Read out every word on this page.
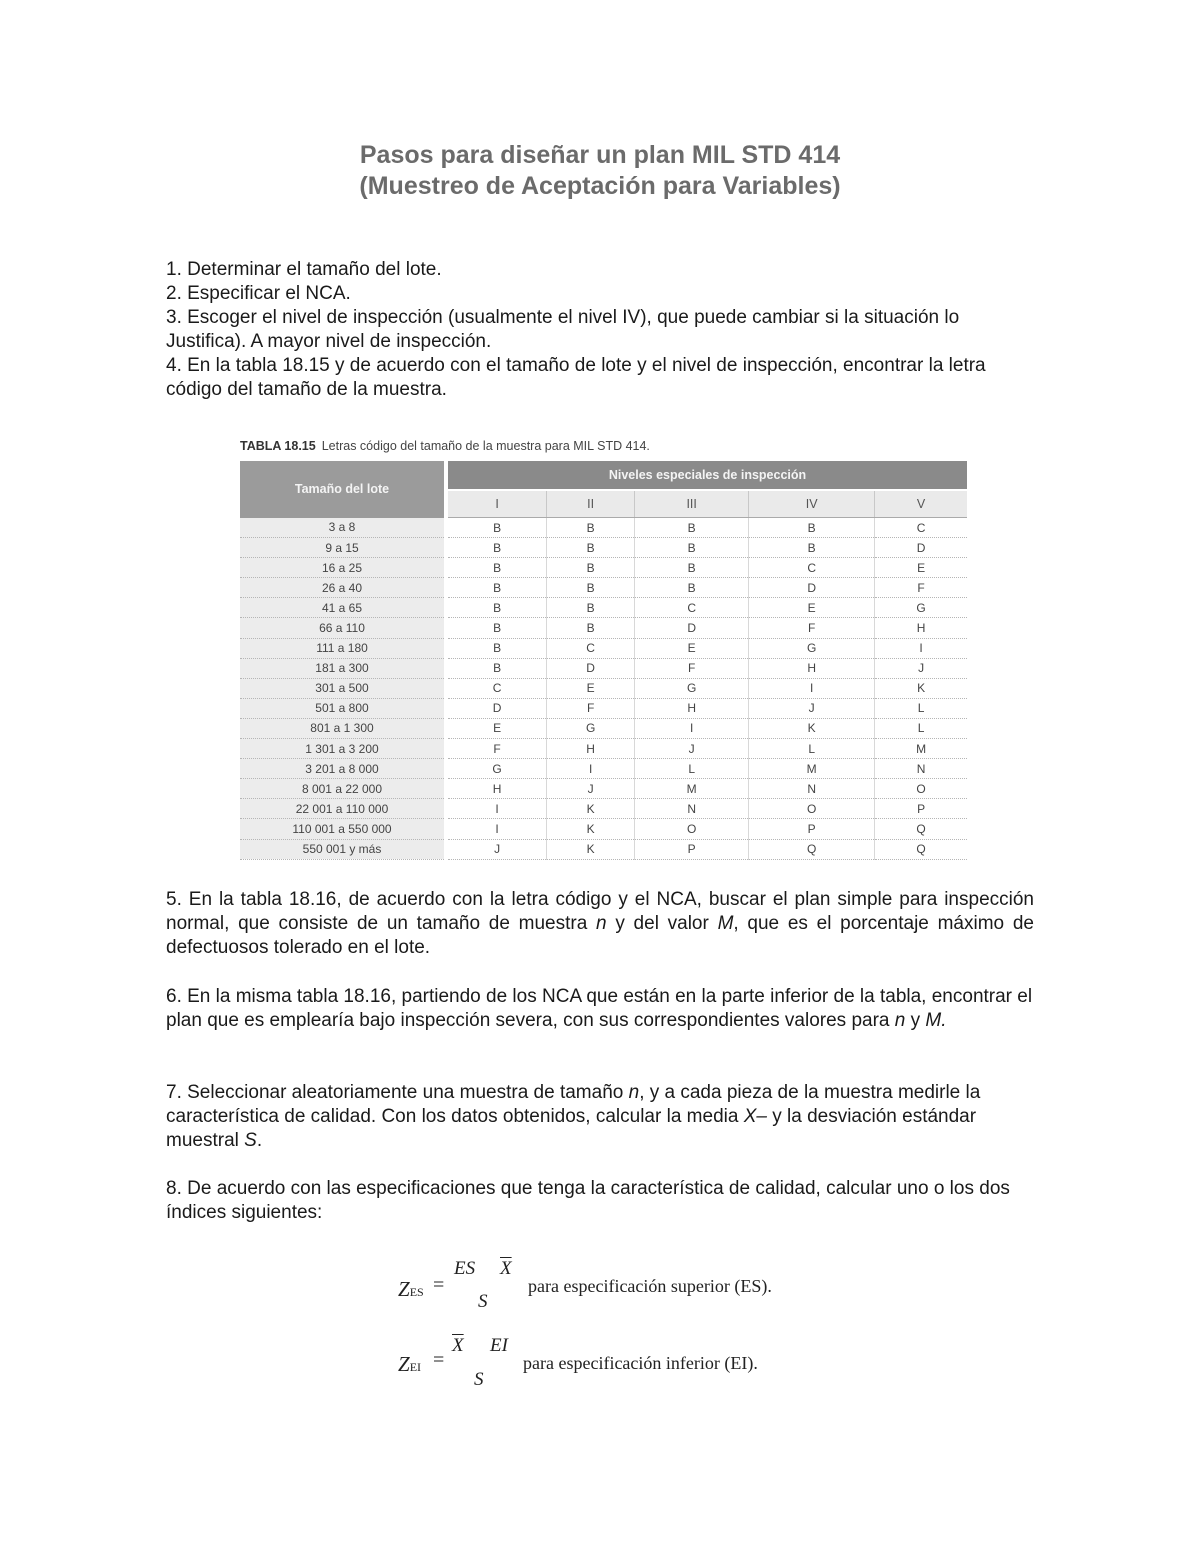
Pasos para diseñar un plan MIL STD 414
(Muestreo de Aceptación para Variables)

1. Determinar el tamaño del lote.

2. Especificar el NCA.

3. Escoger el nivel de inspección (usualmente el nivel IV), que puede cambiar si la situación lo Justifica). A mayor nivel de inspección.

4. En la tabla 18.15 y de acuerdo con el tamaño de lote y el nivel de inspección, encontrar la letra código del tamaño de la muestra.

TABLA 18.15 Letras código del tamaño de la muestra para MIL STD 414.
Tamaño del lote	Niveles especiales de inspección				
	I	II	III	IV	V
3 a 8	B	B	B	B	C
9 a 15	B	B	B	B	D
16 a 25	B	B	B	C	E
26 a 40	B	B	B	D	F
41 a 65	B	B	C	E	G
66 a 110	B	B	D	F	H
111 a 180	B	C	E	G	I
181 a 300	B	D	F	H	J
301 a 500	C	E	G	I	K
501 a 800	D	F	H	J	L
801 a 1 300	E	G	I	K	L
1 301 a 3 200	F	H	J	L	M
3 201 a 8 000	G	I	L	M	N
8 001 a 22 000	H	J	M	N	O
22 001 a 110 000	I	K	N	O	P
110 001 a 550 000	I	K	O	P	Q
550 001 y más	J	K	P	Q	Q

5. En la tabla 18.16, de acuerdo con la letra código y el NCA, buscar el plan simple para inspección normal, que consiste de un tamaño de muestra n y del valor M, que es el porcentaje máximo de defectuosos tolerado en el lote.

6. En la misma tabla 18.16, partiendo de los NCA que están en la parte inferior de la tabla, encontrar el plan que es emplearía bajo inspección severa, con sus correspondientes valores para n y M.

7. Seleccionar aleatoriamente una muestra de tamaño n, y a cada pieza de la muestra medirle la característica de calidad. Con los datos obtenidos, calcular la media X– y la desviación estándar muestral S.

8. De acuerdo con las especificaciones que tenga la característica de calidad, calcular uno o los dos índices siguientes:

ZES =
ES $\overline{X}$
S
para especificación superior (ES).
ZEI =
$\overline{X}$ EI
S
para especificación inferior (EI).
